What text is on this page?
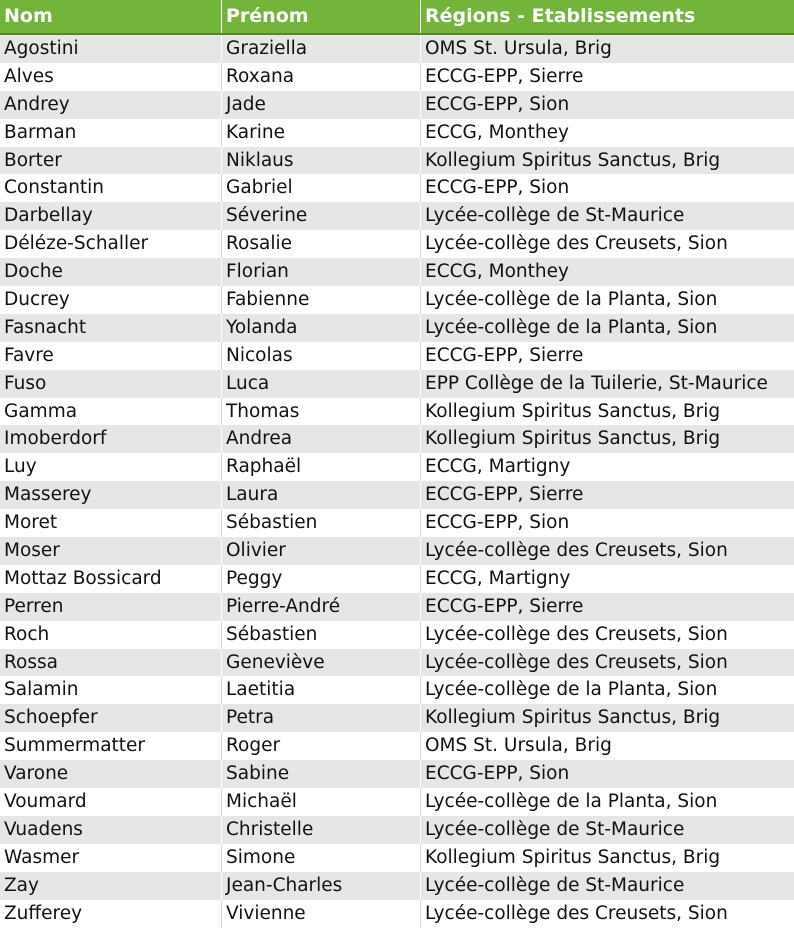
Nom	Prénom	Régions - Etablissements
Agostini	Graziella	OMS St. Ursula, Brig
Alves	Roxana	ECCG-EPP, Sierre
Andrey	Jade	ECCG-EPP, Sion
Barman	Karine	ECCG, Monthey
Borter	Niklaus	Kollegium Spiritus Sanctus, Brig
Constantin	Gabriel	ECCG-EPP, Sion
Darbellay	Séverine	Lycée-collège de St-Maurice
Déléze-Schaller	Rosalie	Lycée-collège des Creusets, Sion
Doche	Florian	ECCG, Monthey
Ducrey	Fabienne	Lycée-collège de la Planta, Sion
Fasnacht	Yolanda	Lycée-collège de la Planta, Sion
Favre	Nicolas	ECCG-EPP, Sierre
Fuso	Luca	EPP Collège de la Tuilerie, St-Maurice
Gamma	Thomas	Kollegium Spiritus Sanctus, Brig
Imoberdorf	Andrea	Kollegium Spiritus Sanctus, Brig
Luy	Raphaël	ECCG, Martigny
Masserey	Laura	ECCG-EPP, Sierre
Moret	Sébastien	ECCG-EPP, Sion
Moser	Olivier	Lycée-collège des Creusets, Sion
Mottaz Bossicard	Peggy	ECCG, Martigny
Perren	Pierre-André	ECCG-EPP, Sierre
Roch	Sébastien	Lycée-collège des Creusets, Sion
Rossa	Geneviève	Lycée-collège des Creusets, Sion
Salamin	Laetitia	Lycée-collège de la Planta, Sion
Schoepfer	Petra	Kollegium Spiritus Sanctus, Brig
Summermatter	Roger	OMS St. Ursula, Brig
Varone	Sabine	ECCG-EPP, Sion
Voumard	Michaël	Lycée-collège de la Planta, Sion
Vuadens	Christelle	Lycée-collège de St-Maurice
Wasmer	Simone	Kollegium Spiritus Sanctus, Brig
Zay	Jean-Charles	Lycée-collège de St-Maurice
Zufferey	Vivienne	Lycée-collège des Creusets, Sion
